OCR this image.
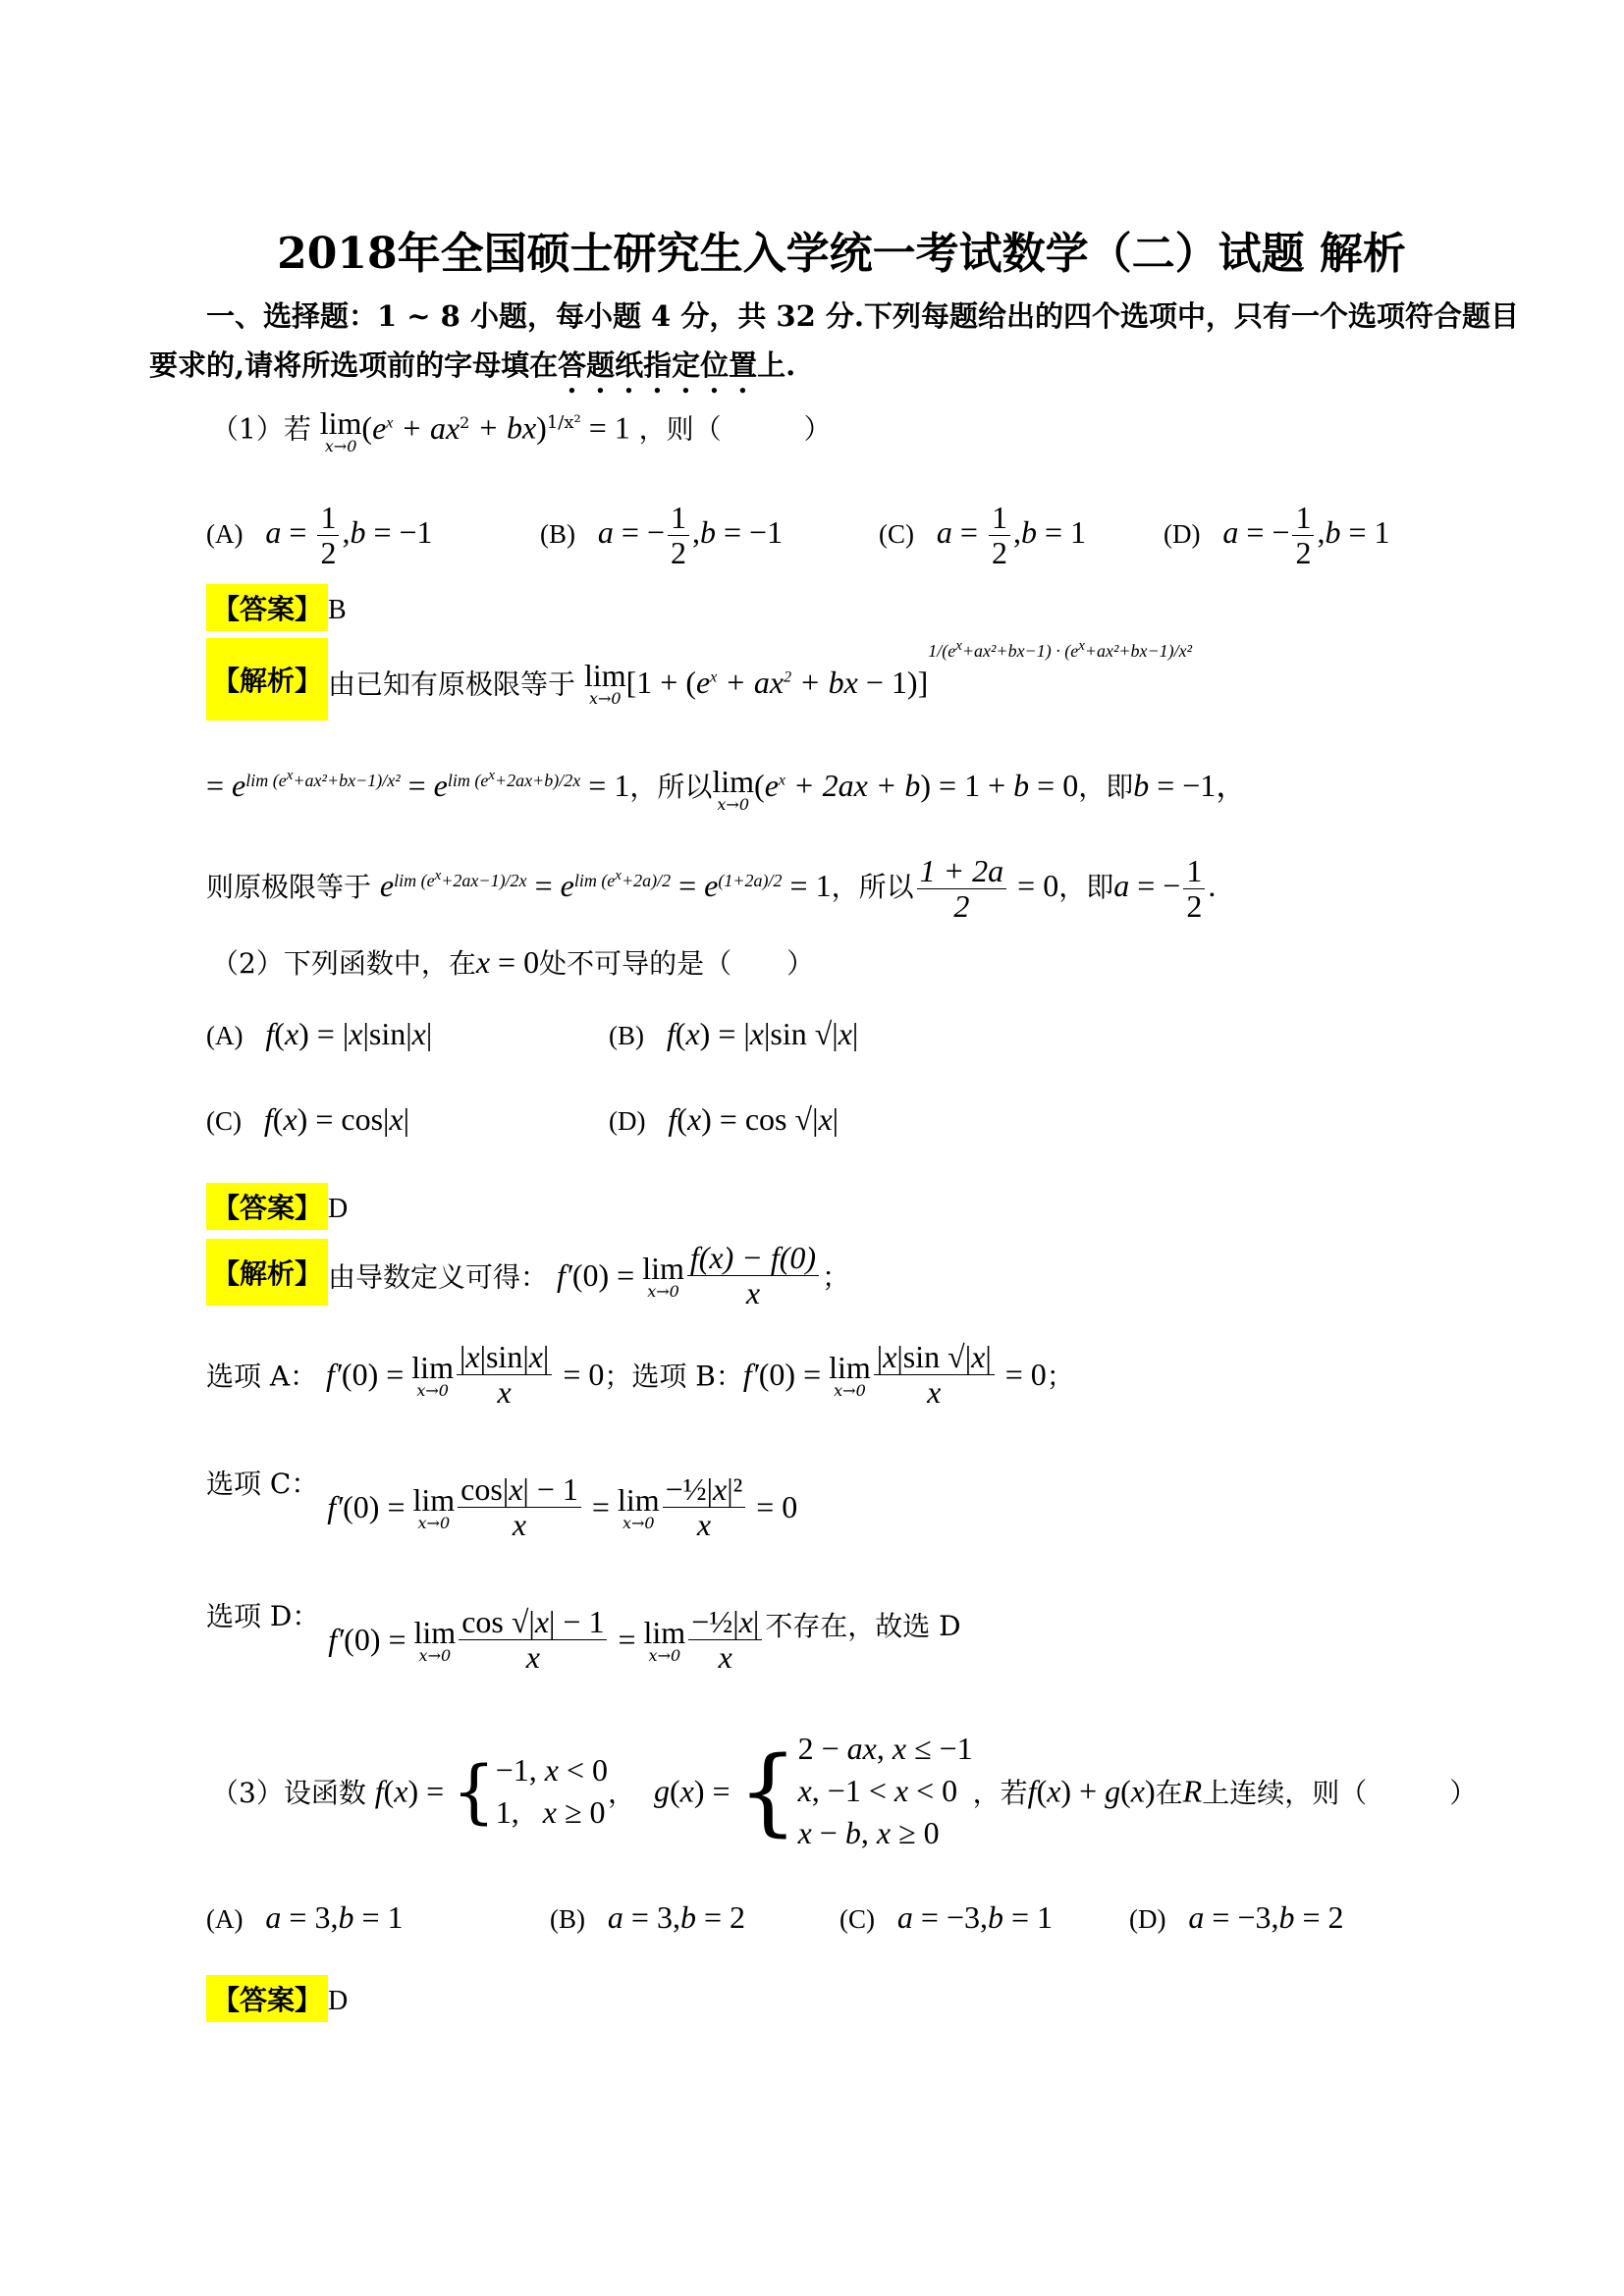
2018年全国硕士研究生入学统一考试数学（二）试题 解析
一、选择题：1 ~ 8 小题，每小题 4 分，共 32 分.下列每题给出的四个选项中，只有一个选项符合题目
要求的,请将所选项前的字母填在答题纸指定位置上.
（1）若 lim
x→0
$(e^x + ax^2 + bx)^{1/x^2} = 1$ ，则（　　　）
(A) $a = \frac{1}{2} ,b = -1$	(B) a = − $\frac{1}{2} ,b = -1$	(C) $a = \frac{1}{2} ,b = 1$	(D) a = − $\frac{1}{2} ,b = 1$
【答案】 B
【解析】 由已知有原极限等于 lim
x→0 [$1 + (e^x + ax^2$ + bx − 1)]$^{1/(e^x+ax^2+bx-1) \cdot (e^x+ax^2+bx-1)/x^2}$
= $e^{lim (e^x+ax^2+bx-1)/x^2} = e^{lim (e^x+2ax+b)/2x} = 1$，所以 lim
x→0
$(e^x + 2ax + b) = 1 + b = 0$，即b = −1，
则原极限等于 $e^{lim (e^x+2ax-1)/2x} = e^{lim (e^x+2a)/2} = e^{(1+2a)/2} = 1$，所以 $\frac{1 + 2a}{2} = 0$，即a = − $\frac{1}{2}$ .
（2）下列函数中，在x = 0处不可导的是（　　）
(A) f(x) = |x|sin|x|	(B) f(x) = |x|sin √|x|
(C) f(x) = cos|x|	(D) f(x) = cos √|x|
【答案】 D
【解析】 由导数定义可得： f′(0) = lim
$x\to 0 \frac{f(x) - f(0)}{x}$ ；
选项 A： f′(0) = lim
$x\to 0 \frac{|x|\sin|x|}{x} = 0$；选项 B：f′(0) = lim
$x\to 0 \frac{|x|\sin √|x|}{x} = 0$；
选项 C： f′(0) = lim
$x\to 0 \frac{\cos|x| - 1}{x} = \lim$
$x\to 0 \frac{\text{−½|x|²}}{x} = 0$
选项 D： f′(0) = lim
$x\to 0 \frac{\cos √|x| - 1}{x} = \lim$
$x\to 0 \frac{\text{−½|x|}}{x}$ 不存在，故选 D
（3）设函数 f(x) = { −1, x < 0
1,   x ≥ 0
， g(x) = { 2 − ax, x ≤ −1
x, −1 < x < 0
x − b, x ≥ 0
，若f(x) + g(x)在R上连续，则（　　　）
(A) a = 3,b = 1	(B) a = 3,b = 2	(C) a = −3,b = 1	(D) a = −3,b = 2
【答案】 D
